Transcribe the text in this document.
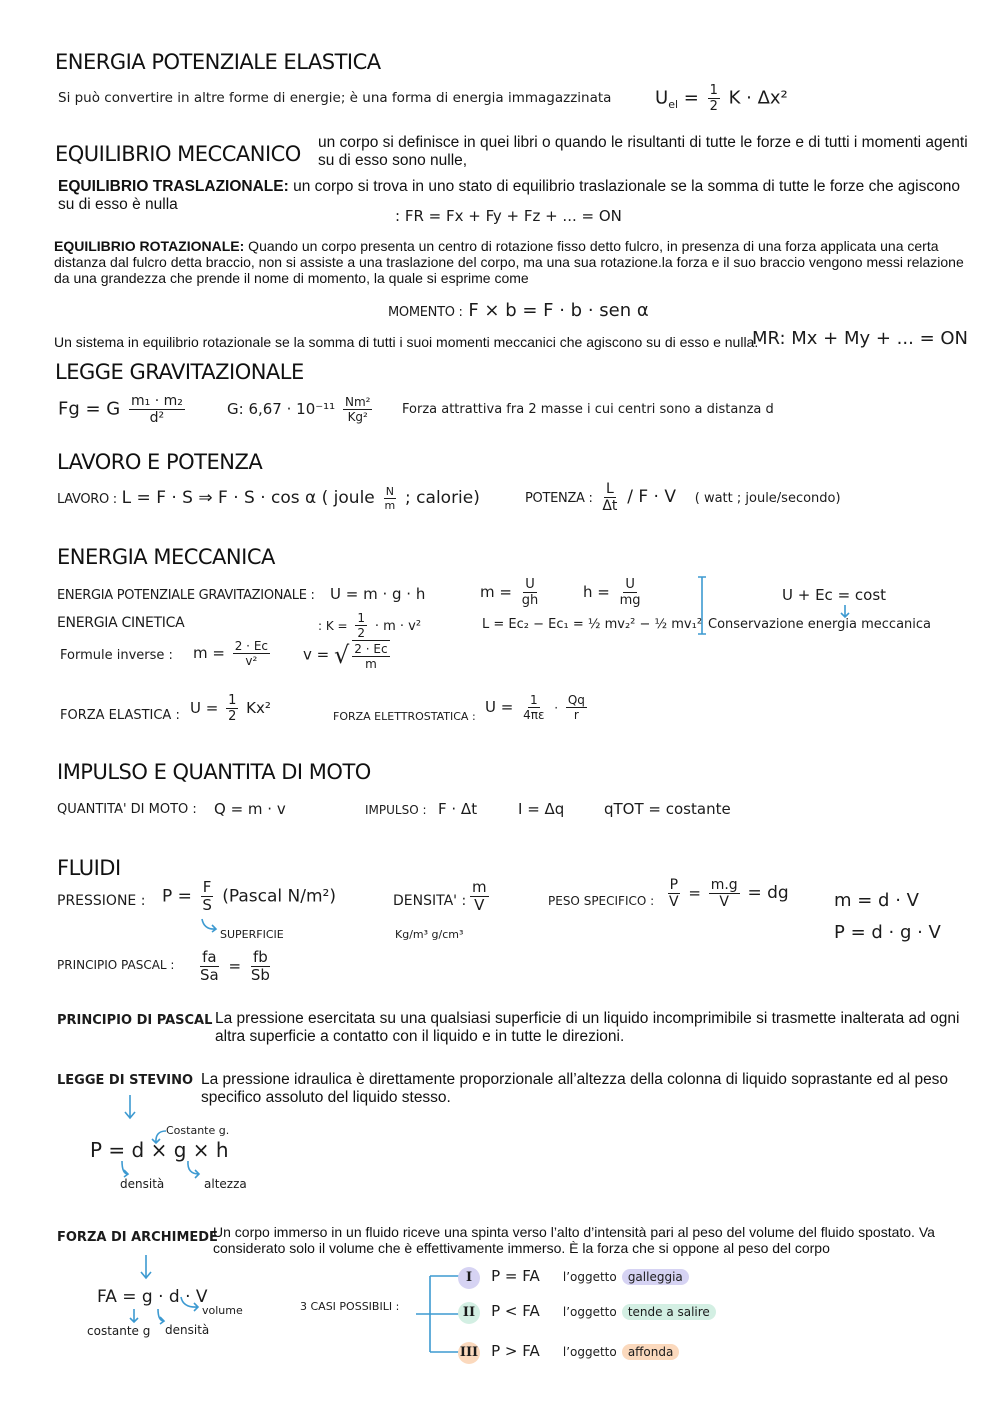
ENERGIA POTENZIALE ELASTICA
Si può convertire in altre forme di energie; è una forma di energia immagazzinata $U_{el} = \frac{1}{2}$ K · Δx²
EQUILIBRIO MECCANICO un corpo si definisce in quei libri o quando le risultanti di tutte le forze e di tutti i momenti agenti su di esso sono nulle,
EQUILIBRIO TRASLAZIONALE: un corpo si trova in uno stato di equilibrio traslazionale se la somma di tutte le forze che agiscono su di esso è nulla
: FR = Fx + Fy + Fz + ... = ON
EQUILIBRIO ROTAZIONALE: Quando un corpo presenta un centro di rotazione fisso detto fulcro, in presenza di una forza applicata una certa distanza dal fulcro detta braccio, non si assiste a una traslazione del corpo, ma una sua rotazione.la forza e il suo braccio vengono messi relazione da una grandezza che prende il nome di momento, la quale si esprime come
MOMENTO : F × b = F · b · sen α
Un sistema in equilibrio rotazionale se la somma di tutti i suoi momenti meccanici che agiscono su di esso e nulla.
MR: Mx + My + ... = ON
LEGGE GRAVITAZIONALE
Fg = G $\frac{\text{m₁ · m₂}}{\text{d²}}$	G: $6,67 \cdot 10^{-11} \frac{\text{Nm²}}{\text{Kg²}}$ Forza attrattiva fra 2 masse i cui centri sono a distanza d
LAVORO E POTENZA
LAVORO : L = F · S ⇒ F · S · cos α ( joule $\frac{N}{m}$ ; calorie)	POTENZA : $\frac{L}{\Delta t} / F \cdot V$ ( watt ; joule/secondo)
ENERGIA MECCANICA
ENERGIA POTENZIALE GRAVITAZIONALE : U = m · g · h	$m = \frac{U}{gh}$	$h = \frac{U}{mg}$	U + Ec = cost
Conservazione energia meccanica
ENERGIA CINETICA	: $K = \frac{1}{2} \cdot m \cdot v^2$	L = Ec₂ − Ec₁ = ½ mv₂² − ½ mv₁²
Formule inverse : $m = \frac{2 \cdot Ec}{\text{v²}}$ v = √ $\frac{2 \cdot Ec}{m}$
FORZA ELASTICA : $U = \frac{1}{2} Kx^2$	FORZA ELETTROSTATICA :
$U = \frac{1}{4\pi\varepsilon} \cdot \frac{Qq}{r}$
IMPULSO E QUANTITA DI MOTO
QUANTITA' DI MOTO : Q = m · v	IMPULSO : F · Δt	I = Δq	qTOT = costante
FLUIDI
PRESSIONE : $P = \frac{F}{S}$ (Pascal N/m²)
SUPERFICIE
DENSITA' : $\frac{m}{V}$
Kg/m³ g/cm³
PESO SPECIFICO : $\frac{P}{V} = \frac{m.g}{V}$ = dg	m = d · V
P = d · g · V
PRINCIPIO PASCAL : $\frac{fa}{Sa} = \frac{fb}{Sb}$
PRINCIPIO DI PASCAL La pressione esercitata su una qualsiasi superficie di un liquido incomprimibile si trasmette inalterata ad ogni altra superficie a contatto con il liquido e in tutte le direzioni.
LEGGE DI STEVINO La pressione idraulica è direttamente proporzionale all’altezza della colonna di liquido soprastante ed al peso specifico assoluto del liquido stesso.
Costante g.
P = d × g × h
densità	altezza
FORZA DI ARCHIMEDE
Un corpo immerso in un fluido riceve una spinta verso l’alto d’intensità pari al peso del volume del fluido spostato. Va considerato solo il volume che è effettivamente immerso. È la forza che si oppone al peso del corpo
FA = g · d · V
volume
costante g densità
3 CASI POSSIBILI :
I P = FA l’oggetto galleggia
II P < FA l’oggetto tende a salire
III P > FA l’oggetto affonda
